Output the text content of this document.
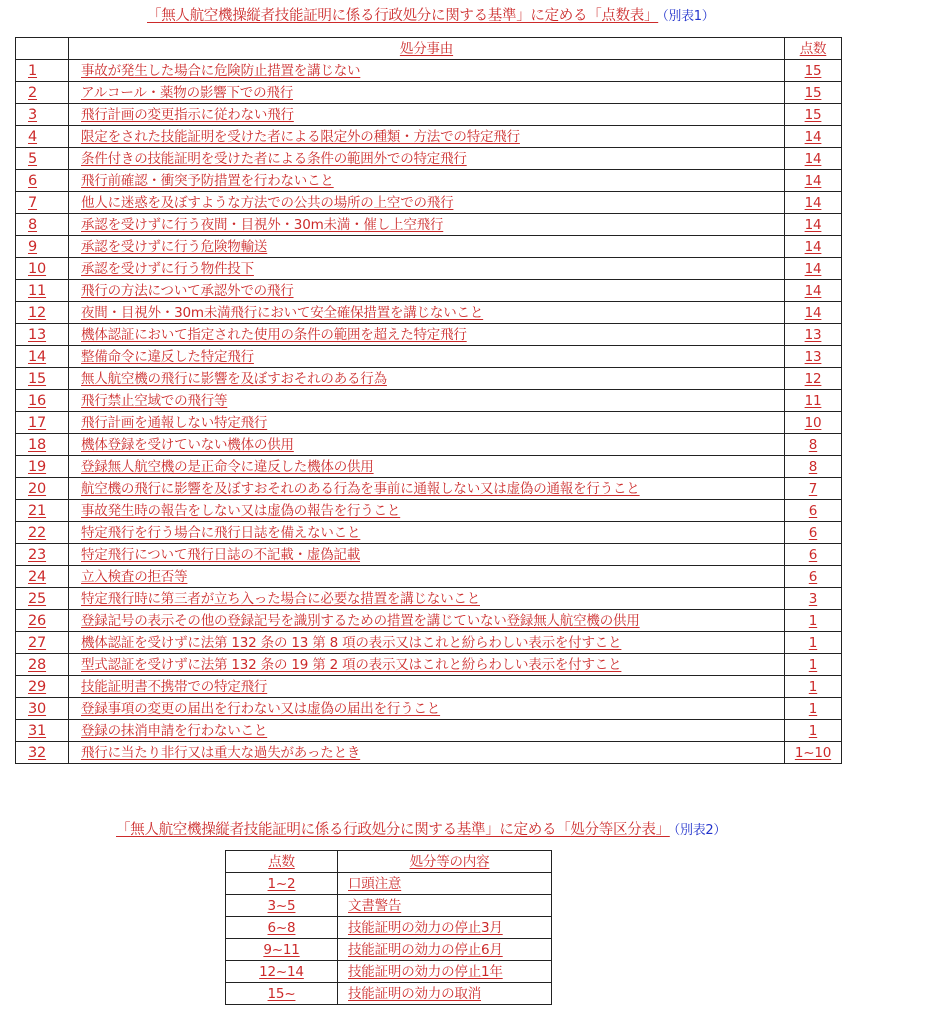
「無人航空機操縦者技能証明に係る行政処分に関する基準」に定める「点数表」 （別表1）
	処分事由	点数
1	事故が発生した場合に危険防止措置を講じない	15
2	アルコール・薬物の影響下での飛行	15
3	飛行計画の変更指示に従わない飛行	15
4	限定をされた技能証明を受けた者による限定外の種類・方法での特定飛行	14
5	条件付きの技能証明を受けた者による条件の範囲外での特定飛行	14
6	飛行前確認・衝突予防措置を行わないこと	14
7	他人に迷惑を及ぼすような方法での公共の場所の上空での飛行	14
8	承認を受けずに行う夜間・目視外・30m未満・催し上空飛行	14
9	承認を受けずに行う危険物輸送	14
10	承認を受けずに行う物件投下	14
11	飛行の方法について承認外での飛行	14
12	夜間・目視外・30m未満飛行において安全確保措置を講じないこと	14
13	機体認証において指定された使用の条件の範囲を超えた特定飛行	13
14	整備命令に違反した特定飛行	13
15	無人航空機の飛行に影響を及ぼすおそれのある行為	12
16	飛行禁止空域での飛行等	11
17	飛行計画を通報しない特定飛行	10
18	機体登録を受けていない機体の供用	8
19	登録無人航空機の是正命令に違反した機体の供用	8
20	航空機の飛行に影響を及ぼすおそれのある行為を事前に通報しない又は虚偽の通報を行うこと	7
21	事故発生時の報告をしない又は虚偽の報告を行うこと	6
22	特定飛行を行う場合に飛行日誌を備えないこと	6
23	特定飛行について飛行日誌の不記載・虚偽記載	6
24	立入検査の拒否等	6
25	特定飛行時に第三者が立ち入った場合に必要な措置を講じないこと	3
26	登録記号の表示その他の登録記号を識別するための措置を講じていない登録無人航空機の供用	1
27	機体認証を受けずに法第 132 条の 13 第 8 項の表示又はこれと紛らわしい表示を付すこと	1
28	型式認証を受けずに法第 132 条の 19 第 2 項の表示又はこれと紛らわしい表示を付すこと	1
29	技能証明書不携帯での特定飛行	1
30	登録事項の変更の届出を行わない又は虚偽の届出を行うこと	1
31	登録の抹消申請を行わないこと	1
32	飛行に当たり非行又は重大な過失があったとき	1~10
「無人航空機操縦者技能証明に係る行政処分に関する基準」に定める「処分等区分表」 （別表2）
点数	処分等の内容
1~2	口頭注意
3~5	文書警告
6~8	技能証明の効力の停止3月
9~11	技能証明の効力の停止6月
12~14	技能証明の効力の停止1年
15~	技能証明の効力の取消
